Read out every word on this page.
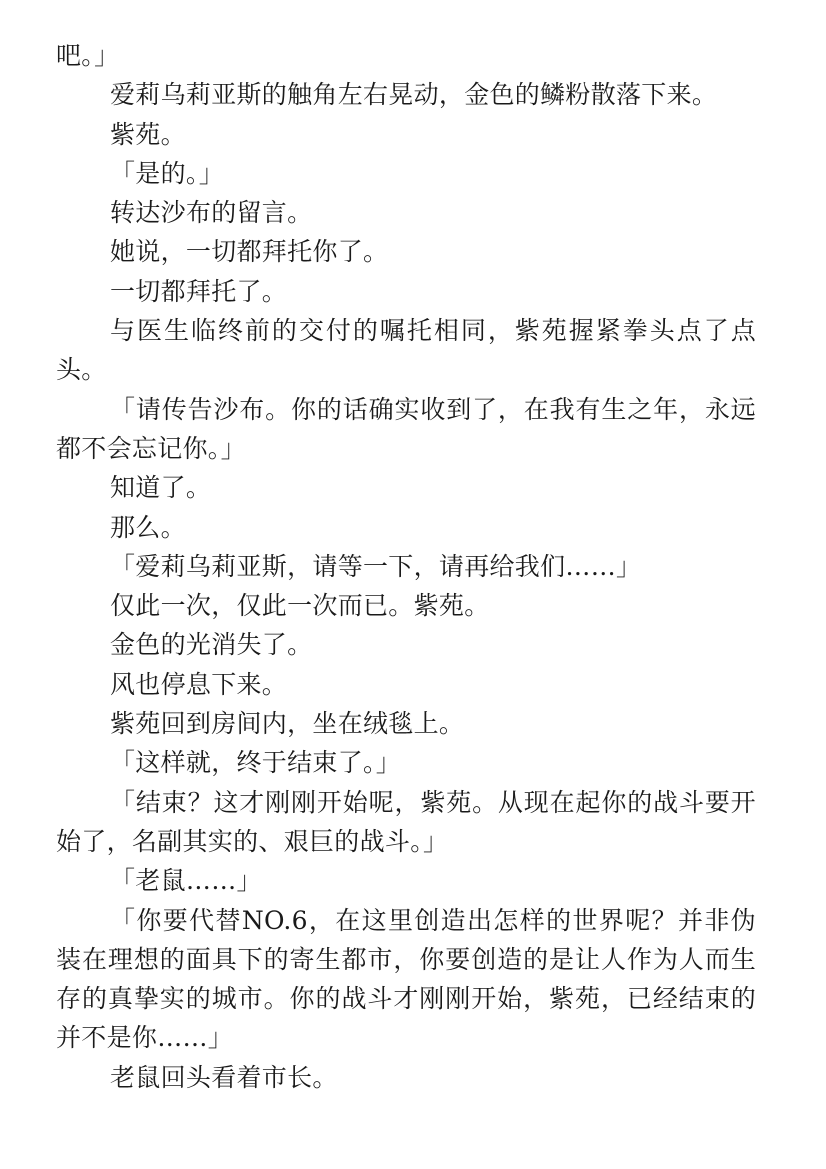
吧。」

爱莉乌莉亚斯的触角左右晃动，金色的鳞粉散落下来。

紫苑。

「是的。」

转达沙布的留言。

她说，一切都拜托你了。

一切都拜托了。

与医生临终前的交付的嘱托相同，紫苑握紧拳头点了点头。

「请传告沙布。你的话确实收到了，在我有生之年，永远都不会忘记你。」

知道了。

那么。

「爱莉乌莉亚斯，请等一下，请再给我们……」

仅此一次，仅此一次而已。紫苑。

金色的光消失了。

风也停息下来。

紫苑回到房间内，坐在绒毯上。

「这样就，终于结束了。」

「结束？这才刚刚开始呢，紫苑。从现在起你的战斗要开始了，名副其实的、艰巨的战斗。」

「老鼠……」

「你要代替NO.6，在这里创造出怎样的世界呢？并非伪装在理想的面具下的寄生都市，你要创造的是让人作为人而生存的真挚实的城市。你的战斗才刚刚开始，紫苑，已经结束的并不是你……」

老鼠回头看着市长。
